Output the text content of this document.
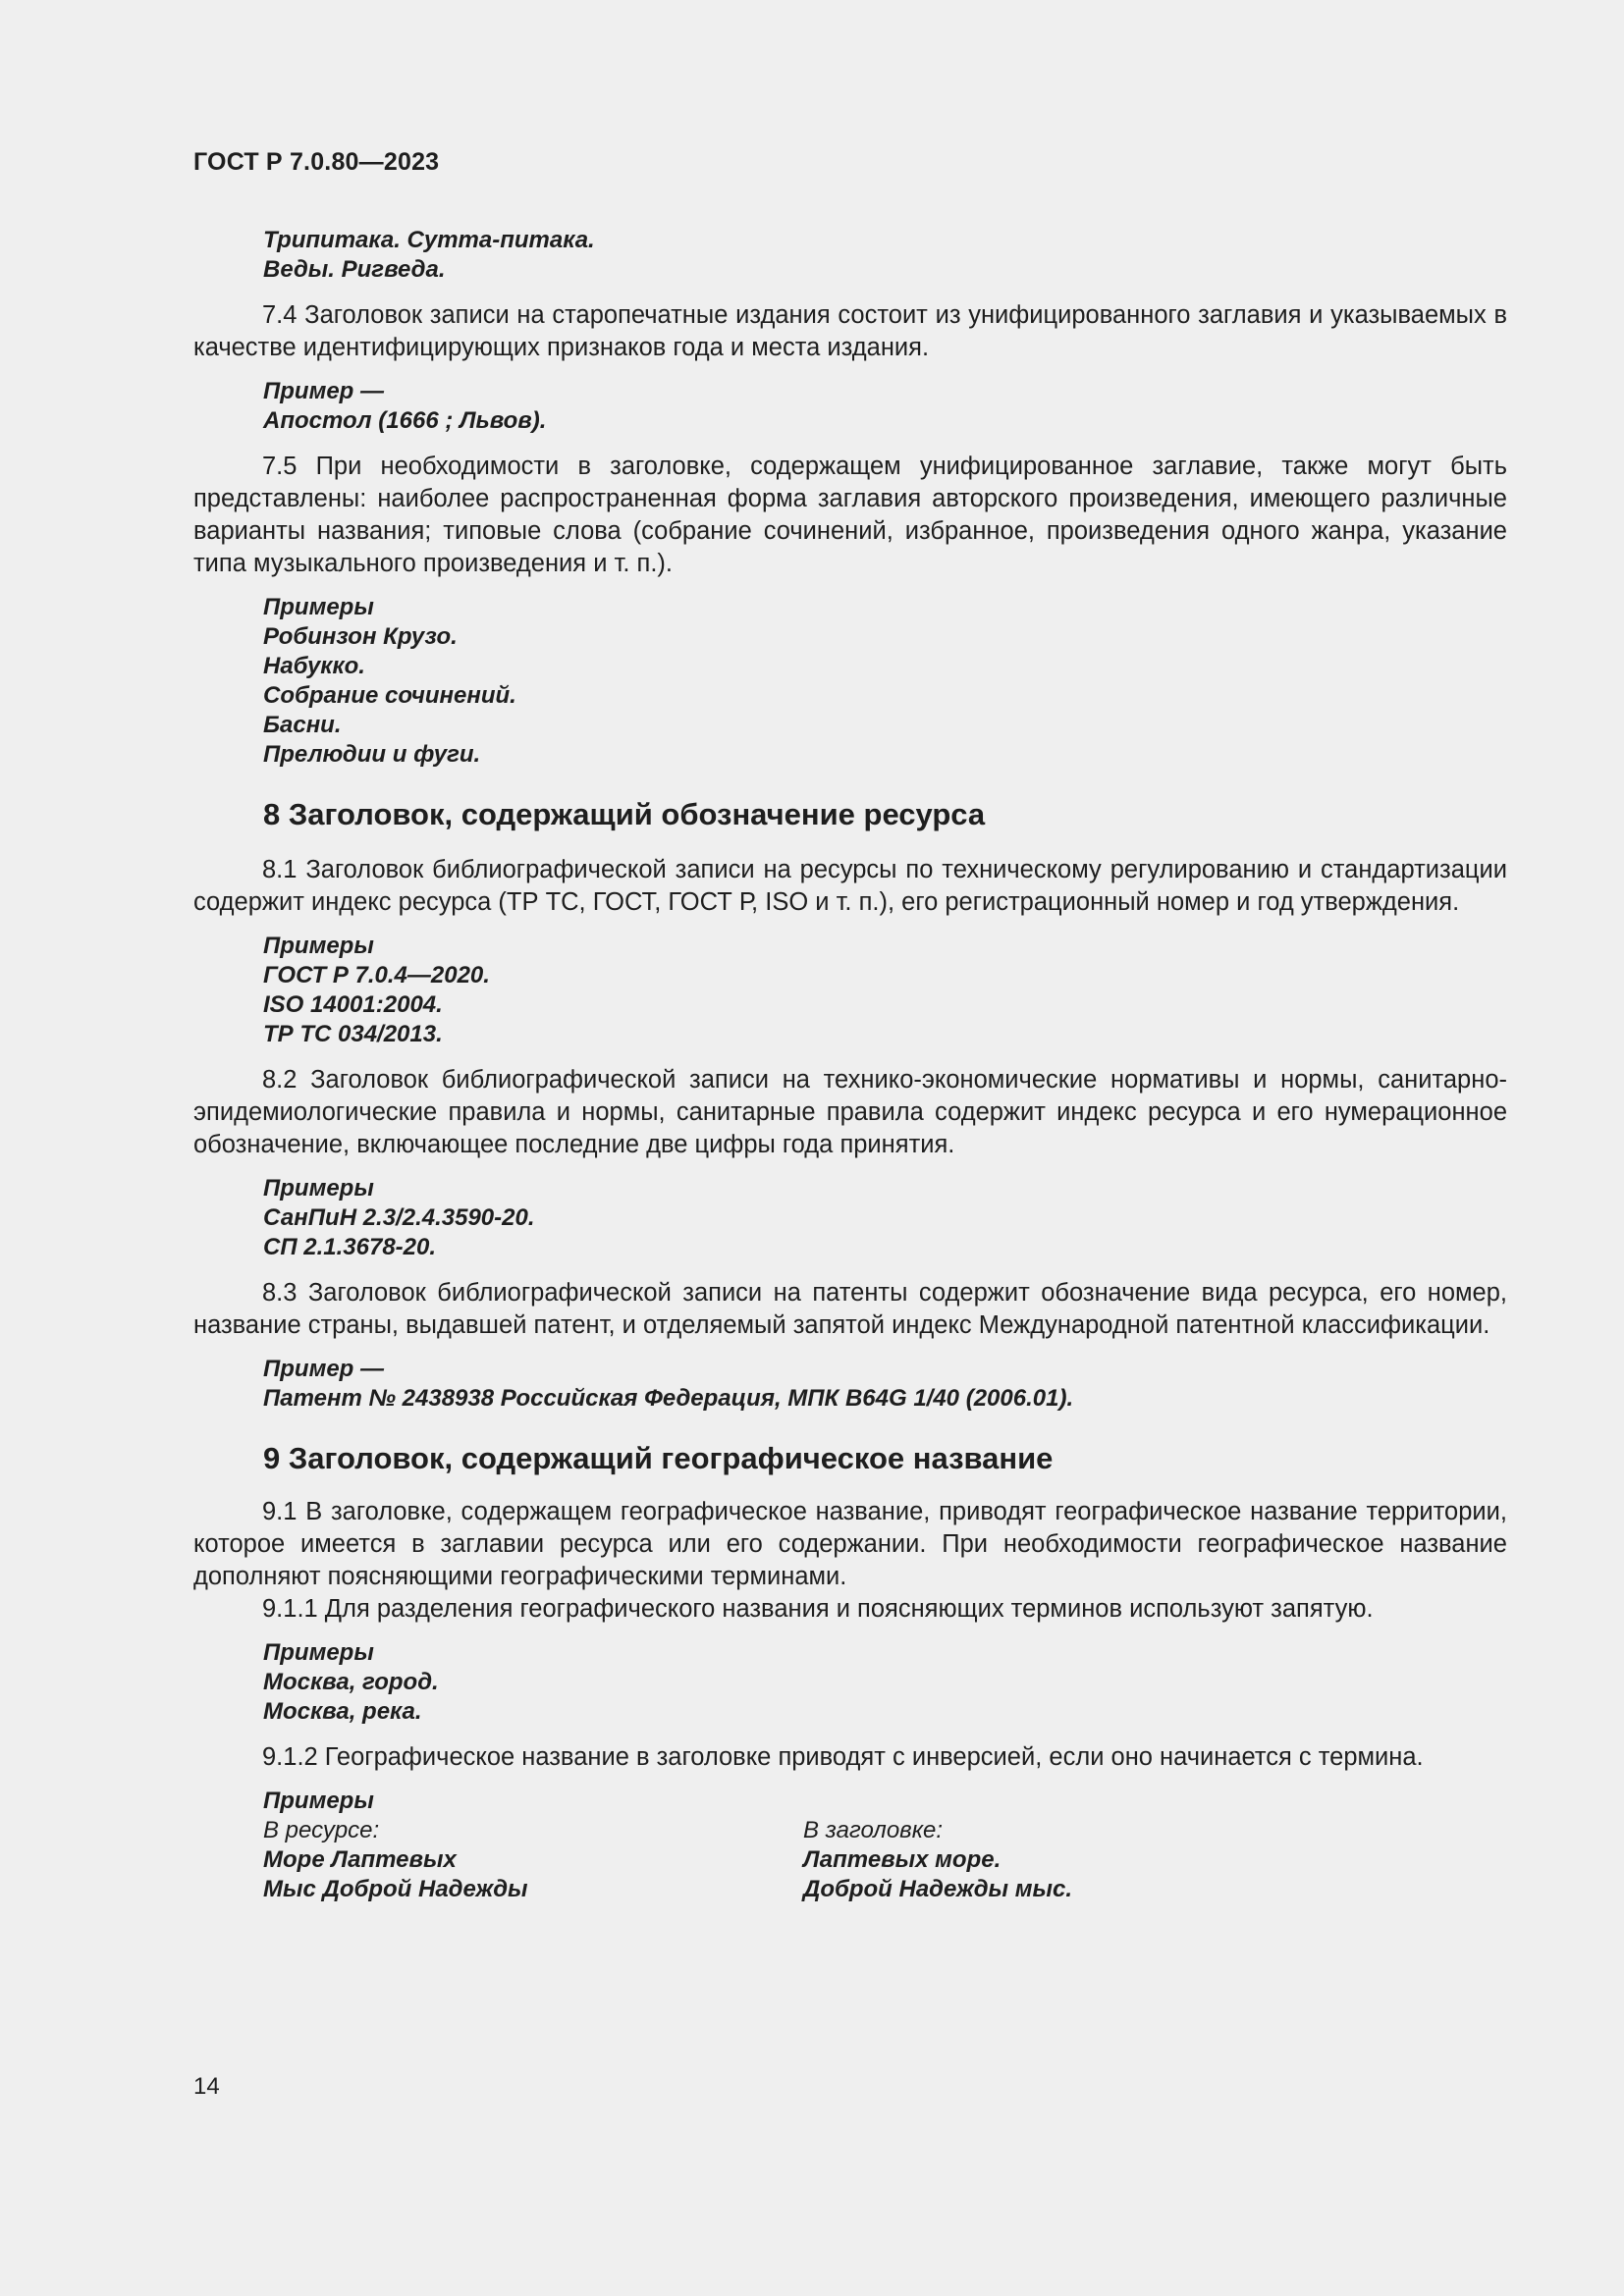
ГОСТ Р 7.0.80—2023
Трипитака. Сутта-питака.
Веды. Ригведа.

7.4 Заголовок записи на старопечатные издания состоит из унифицированного заглавия и указываемых в качестве идентифицирующих признаков года и места издания.

Пример —
Апостол (1666 ; Львов).

7.5 При необходимости в заголовке, содержащем унифицированное заглавие, также могут быть представлены: наиболее распространенная форма заглавия авторского произведения, имеющего различные варианты названия; типовые слова (собрание сочинений, избранное, произведения одного жанра, указание типа музыкального произведения и т. п.).

Примеры
Робинзон Крузо.
Набукко.
Собрание сочинений.
Басни.
Прелюдии и фуги.
8 Заголовок, содержащий обозначение ресурса

8.1 Заголовок библиографической записи на ресурсы по техническому регулированию и стандартизации содержит индекс ресурса (ТР ТС, ГОСТ, ГОСТ Р, ISO и т. п.), его регистрационный номер и год утверждения.

Примеры
ГОСТ Р 7.0.4—2020.
ISO 14001:2004.
ТР ТС 034/2013.

8.2 Заголовок библиографической записи на технико-экономические нормативы и нормы, санитарно-эпидемиологические правила и нормы, санитарные правила содержит индекс ресурса и его нумерационное обозначение, включающее последние две цифры года принятия.

Примеры
СанПиН 2.3/2.4.3590-20.
СП 2.1.3678-20.

8.3 Заголовок библиографической записи на патенты содержит обозначение вида ресурса, его номер, название страны, выдавшей патент, и отделяемый запятой индекс Международной патентной классификации.

Пример —
Патент № 2438938 Российская Федерация, МПК B64G 1/40 (2006.01).
9 Заголовок, содержащий географическое название

9.1 В заголовке, содержащем географическое название, приводят географическое название территории, которое имеется в заглавии ресурса или его содержании. При необходимости географическое название дополняют поясняющими географическими терминами.

9.1.1 Для разделения географического названия и поясняющих терминов используют запятую.

Примеры
Москва, город.
Москва, река.

9.1.2 Географическое название в заголовке приводят с инверсией, если оно начинается с термина.

Примеры
В ресурсе:
Море Лаптевых
Мыс Доброй Надежды
В заголовке:
Лаптевых море.
Доброй Надежды мыс.
14
